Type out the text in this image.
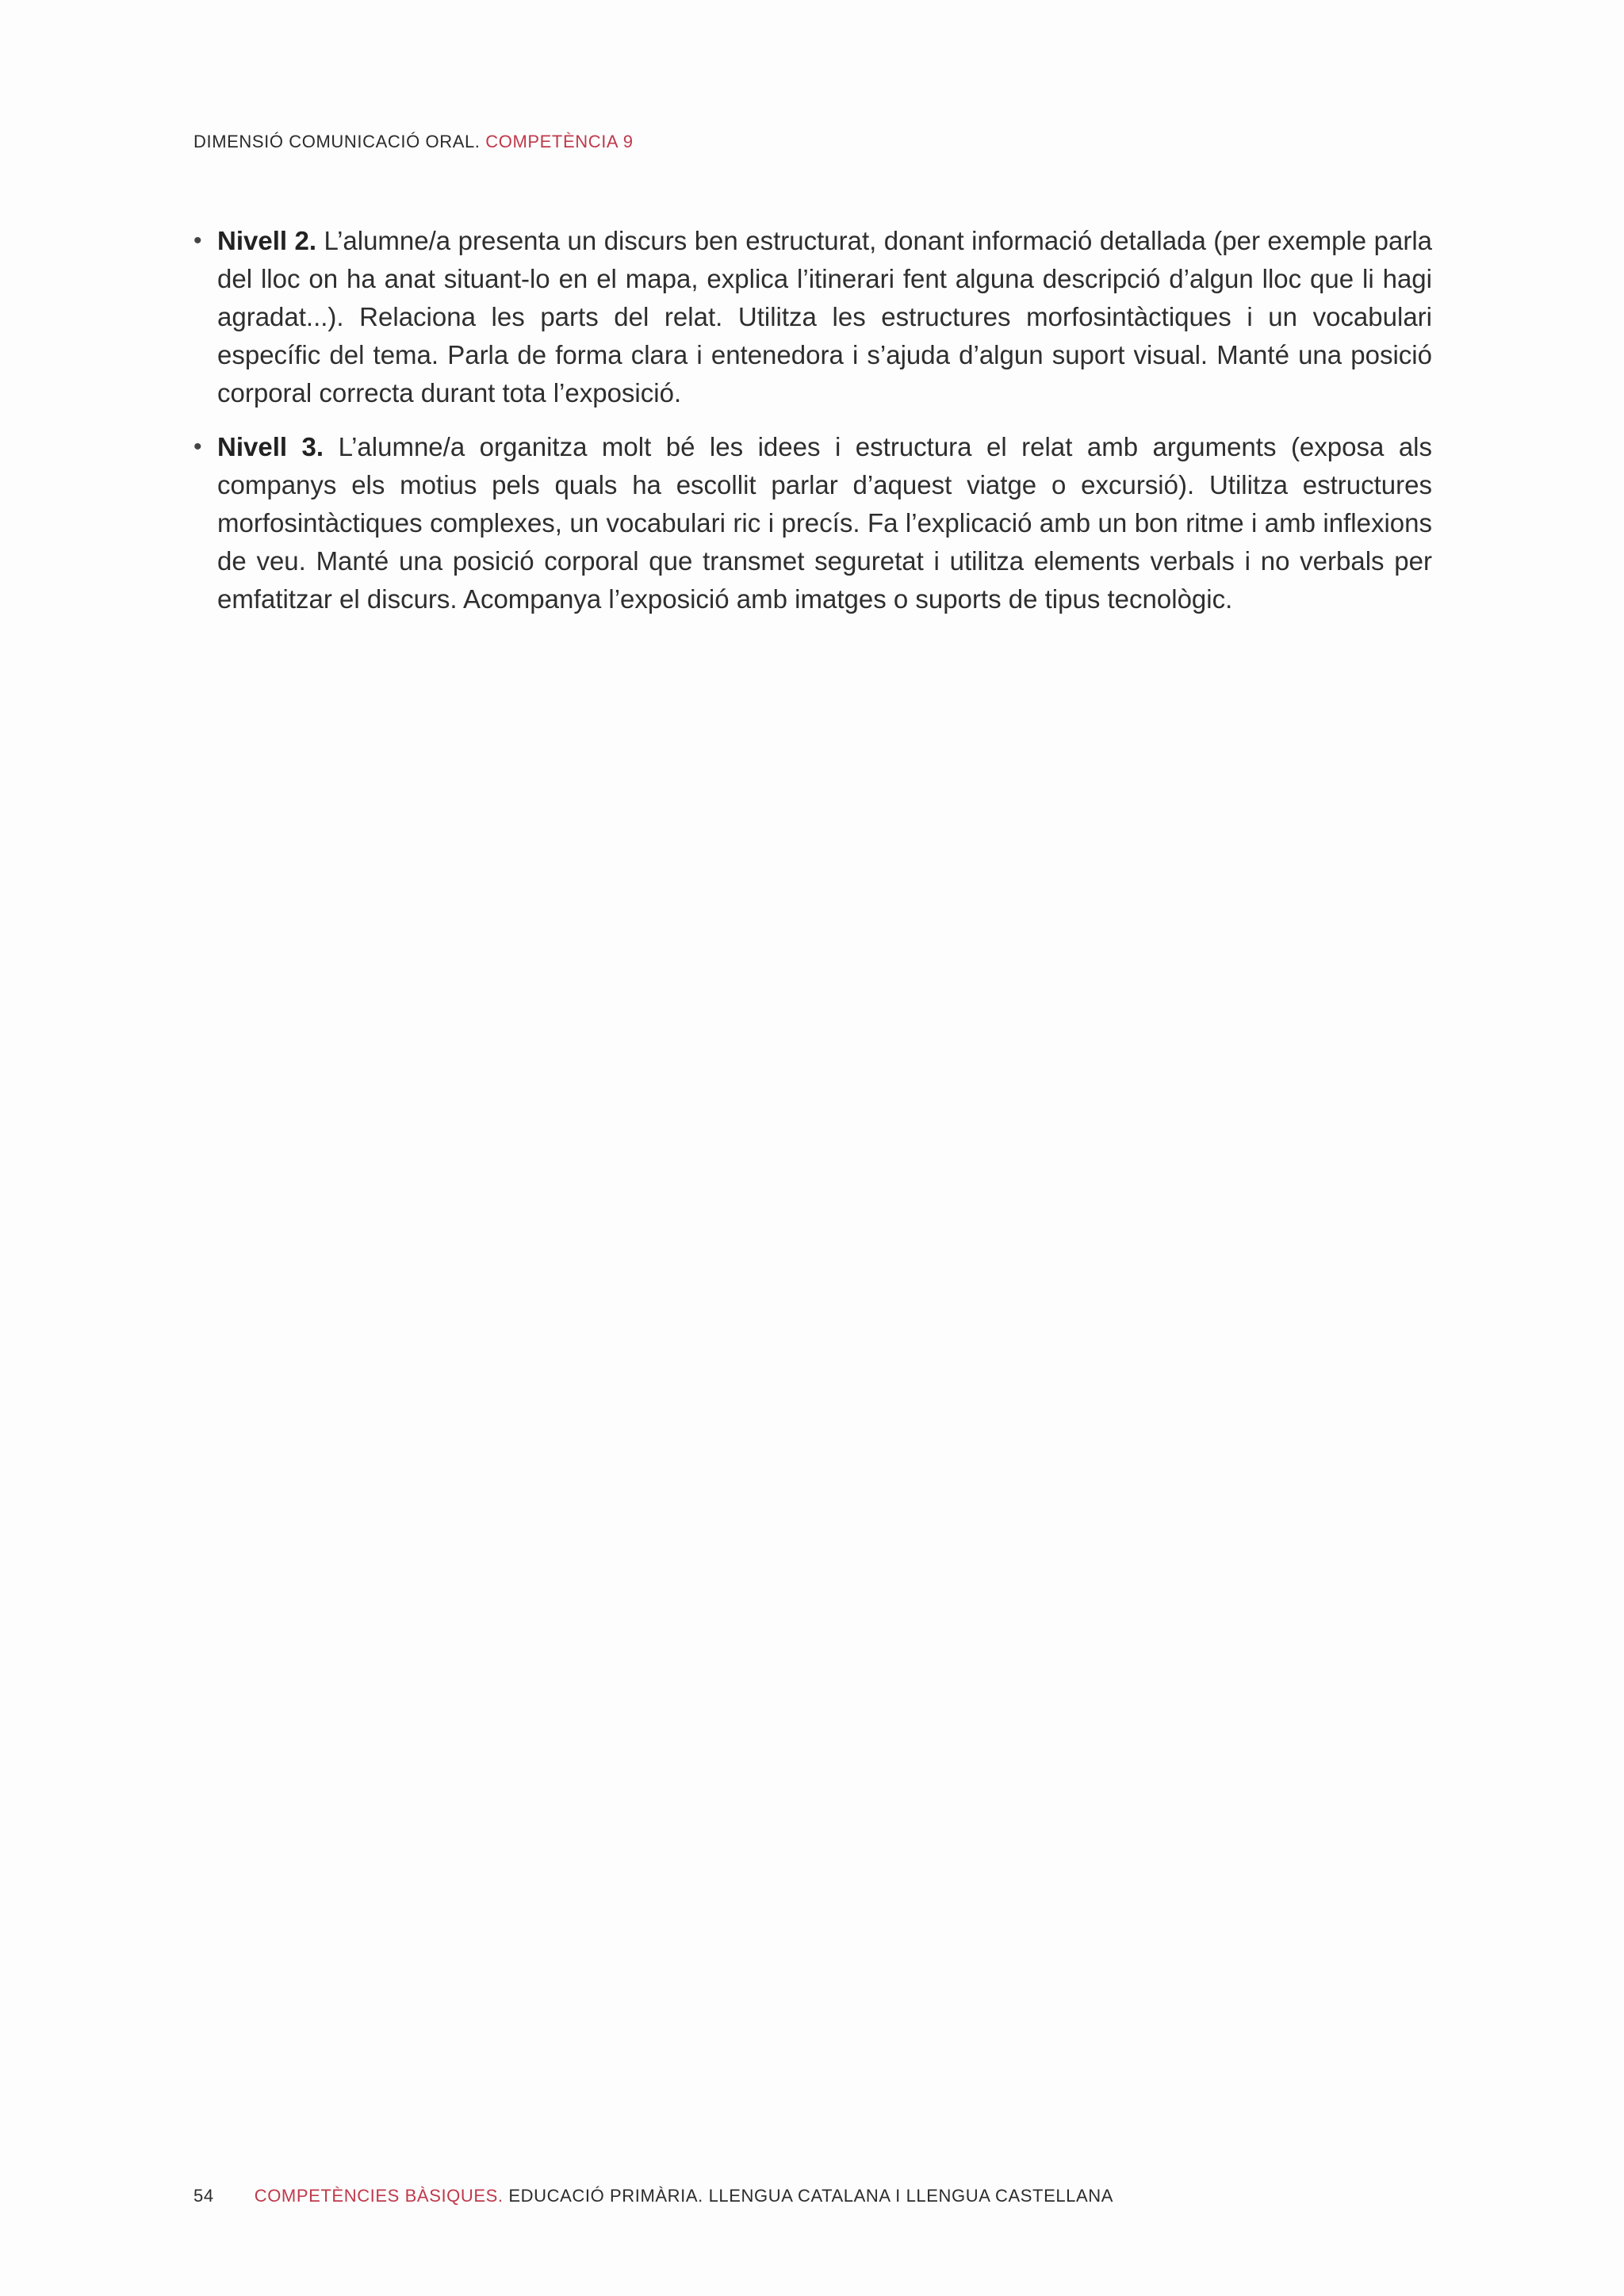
DIMENSIÓ COMUNICACIÓ ORAL. COMPETÈNCIA 9

• Nivell 2. L’alumne/a presenta un discurs ben estructurat, donant informació detallada (per exemple parla del lloc on ha anat situant-lo en el mapa, explica l’itinerari fent alguna descripció d’algun lloc que li hagi agradat...). Relaciona les parts del relat. Utilitza les estructures morfosintàctiques i un vocabulari específic del tema. Parla de forma clara i entenedora i s’ajuda d’algun suport visual. Manté una posició corporal correcta durant tota l’exposició.

• Nivell 3. L’alumne/a organitza molt bé les idees i estructura el relat amb arguments (exposa als companys els motius pels quals ha escollit parlar d’aquest viatge o excursió). Utilitza estructures morfosintàctiques complexes, un vocabulari ric i precís. Fa l’explicació amb un bon ritme i amb inflexions de veu. Manté una posició corporal que transmet seguretat i utilitza elements verbals i no verbals per emfatitzar el discurs. Acompanya l’exposició amb imatges o suports de tipus tecnològic.

54 COMPETÈNCIES BÀSIQUES. EDUCACIÓ PRIMÀRIA. LLENGUA CATALANA I LLENGUA CASTELLANA
